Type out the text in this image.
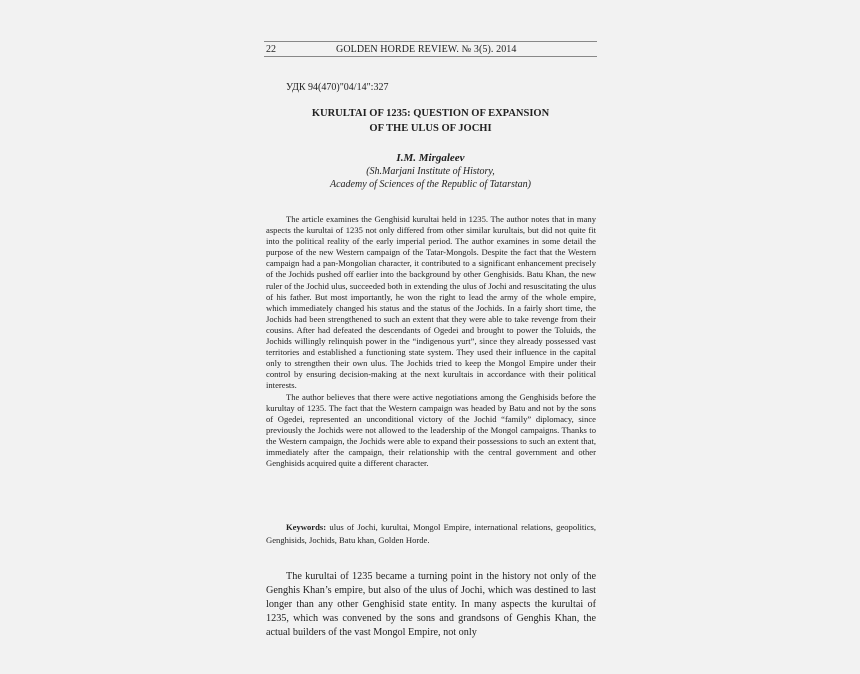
22	GOLDEN HORDE REVIEW. № 3(5). 2014
УДК 94(470)"04/14":327
KURULTAI OF 1235: QUESTION OF EXPANSION
OF THE ULUS OF JOCHI
I.M. Mirgaleev
(Sh.Marjani Institute of History,
Academy of Sciences of the Republic of Tatarstan)

The article examines the Genghisid kurultai held in 1235. The author notes that in many aspects the kurultai of 1235 not only differed from other similar kurultais, but did not quite fit into the political reality of the early imperial period. The author examines in some detail the purpose of the new Western campaign of the Tatar-Mongols. Despite the fact that the Western campaign had a pan-Mongolian character, it contributed to a significant enhancement precisely of the Jochids pushed off earlier into the background by other Genghisids. Batu Khan, the new ruler of the Jochid ulus, succeeded both in extending the ulus of Jochi and resuscitating the ulus of his father. But most importantly, he won the right to lead the army of the whole empire, which immediately changed his status and the status of the Jochids. In a fairly short time, the Jochids had been strengthened to such an extent that they were able to take revenge from their cousins. After had defeated the descendants of Ogedei and brought to power the Toluids, the Jochids willingly relinquish power in the “indigenous yurt”, since they already possessed vast territories and established a functioning state system. They used their influence in the capital only to strengthen their own ulus. The Jochids tried to keep the Mongol Empire under their control by ensuring decision-making at the next kurultais in accordance with their political interests.

The author believes that there were active negotiations among the Genghisids before the kurultay of 1235. The fact that the Western campaign was headed by Batu and not by the sons of Ogedei, represented an unconditional victory of the Jochid “family” diplomacy, since previously the Jochids were not allowed to the leadership of the Mongol campaigns. Thanks to the Western campaign, the Jochids were able to expand their possessions to such an extent that, immediately after the campaign, their relationship with the central government and other Genghisids acquired quite a different character.

Keywords: ulus of Jochi, kurultai, Mongol Empire, international relations, geopolitics, Genghisids, Jochids, Batu khan, Golden Horde.

The kurultai of 1235 became a turning point in the history not only of the Genghis Khan’s empire, but also of the ulus of Jochi, which was destined to last longer than any other Genghisid state entity. In many aspects the kurultai of 1235, which was convened by the sons and grandsons of Genghis Khan, the actual builders of the vast Mongol Empire, not only
